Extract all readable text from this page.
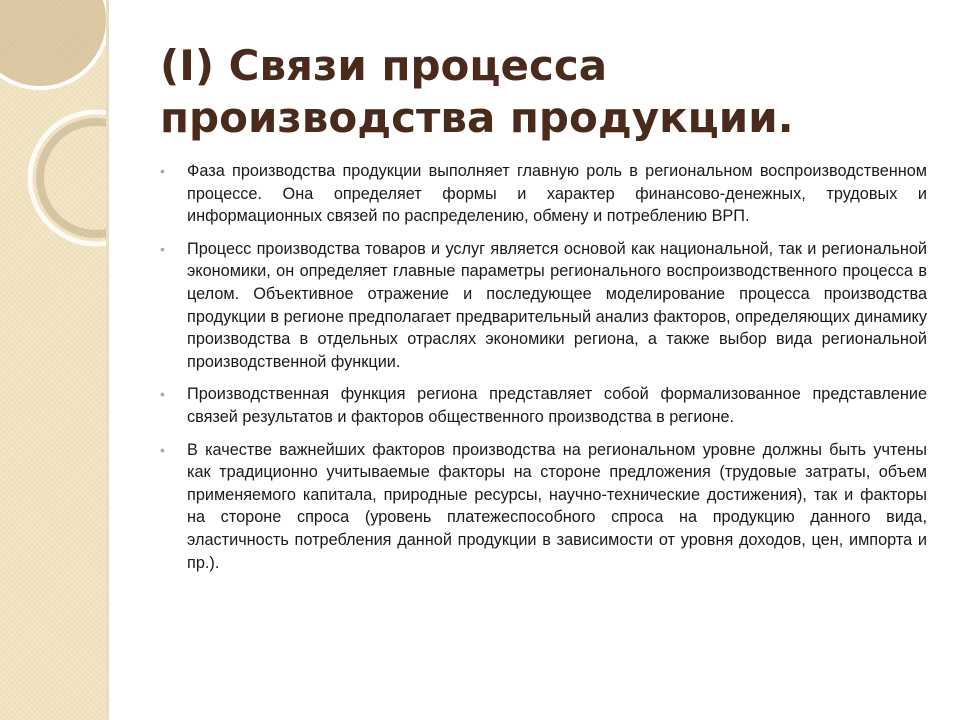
(I) Связи процесса производства продукции.
• Фаза производства продукции выполняет главную роль в региональном воспроизводственном процессе. Она определяет формы и характер финансово-денежных, трудовых и информационных связей по распределению, обмену и потреблению ВРП.
• Процесс производства товаров и услуг является основой как национальной, так и региональной экономики, он определяет главные параметры регионального воспроизводственного процесса в целом. Объективное отражение и последующее моделирование процесса производства продукции в регионе предполагает предварительный анализ факторов, определяющих динамику производства в отдельных отраслях экономики региона, а также выбор вида региональной производственной функции.
• Производственная функция региона представляет собой формализованное представление связей результатов и факторов общественного производства в регионе.
• В качестве важнейших факторов производства на региональном уровне должны быть учтены как традиционно учитываемые факторы на стороне предложения (трудовые затраты, объем применяемого капитала, природные ресурсы, научно-технические достижения), так и факторы на стороне спроса (уровень платежеспособного спроса на продукцию данного вида, эластичность потребления данной продукции в зависимости от уровня доходов, цен, импорта и пр.).
